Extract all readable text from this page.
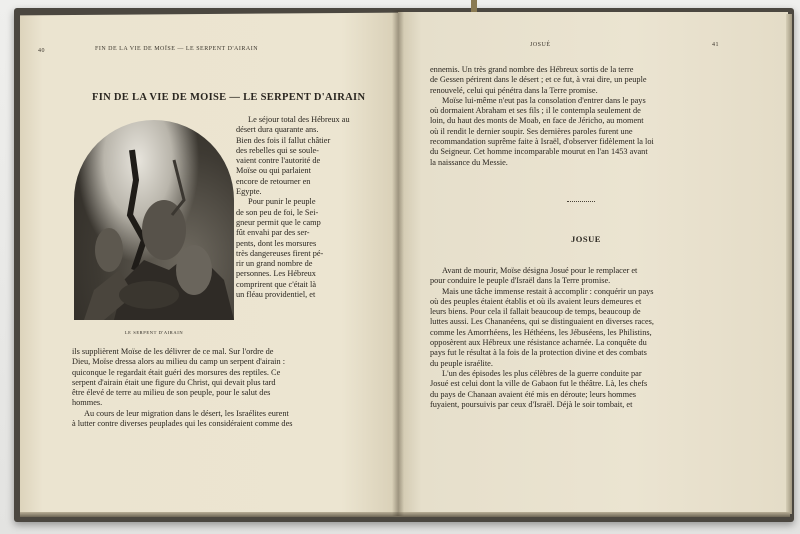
40	FIN DE LA VIE DE MOÏSE — LE SERPENT D'AIRAIN
FIN DE LA VIE DE MOISE — LE SERPENT D'AIRAIN
LE SERPENT D'AIRAIN
Le séjour total des Hébreux au
désert dura quarante ans.
Bien des fois il fallut châtier
des rebelles qui se soule-
vaient contre l'autorité de
Moïse ou qui parlaient
encore de retourner en
Egypte.
Pour punir le peuple
de son peu de foi, le Sei-
gneur permit que le camp
fût envahi par des ser-
pents, dont les morsures
très dangereuses firent pé-
rir un grand nombre de
personnes. Les Hébreux
comprirent que c'était là
un fléau providentiel, et
ils supplièrent Moïse de les délivrer de ce mal. Sur l'ordre de
Dieu, Moïse dressa alors au milieu du camp un serpent d'airain :
quiconque le regardait était guéri des morsures des reptiles. Ce
serpent d'airain était une figure du Christ, qui devait plus tard
être élevé de terre au milieu de son peuple, pour le salut des
hommes.
Au cours de leur migration dans le désert, les Israélites eurent
à lutter contre diverses peuplades qui les considéraient comme des
JOSUÉ	41
ennemis. Un très grand nombre des Hébreux sortis de la terre
de Gessen périrent dans le désert ; et ce fut, à vrai dire, un peuple
renouvelé, celui qui pénétra dans la Terre promise.
Moïse lui-même n'eut pas la consolation d'entrer dans le pays
où dormaient Abraham et ses fils ; il le contempla seulement de
loin, du haut des monts de Moab, en face de Jéricho, au moment
où il rendit le dernier soupir. Ses dernières paroles furent une
recommandation suprême faite à Israël, d'observer fidèlement la loi
du Seigneur. Cet homme incomparable mourut en l'an 1453 avant
la naissance du Messie.
JOSUE
Avant de mourir, Moïse désigna Josué pour le remplacer et
pour conduire le peuple d'Israël dans la Terre promise.
Mais une tâche immense restait à accomplir : conquérir un pays
où des peuples étaient établis et où ils avaient leurs demeures et
leurs biens. Pour cela il fallait beaucoup de temps, beaucoup de
luttes aussi. Les Chananéens, qui se distinguaient en diverses races,
comme les Amorrhéens, les Héthéens, les Jébuséens, les Philistins,
opposèrent aux Hébreux une résistance acharnée. La conquête du
pays fut le résultat à la fois de la protection divine et des combats
du peuple israélite.
L'un des épisodes les plus célèbres de la guerre conduite par
Josué est celui dont la ville de Gabaon fut le théâtre. Là, les chefs
du pays de Chanaan avaient été mis en déroute; leurs hommes
fuyaient, poursuivis par ceux d'Israël. Déjà le soir tombait, et
